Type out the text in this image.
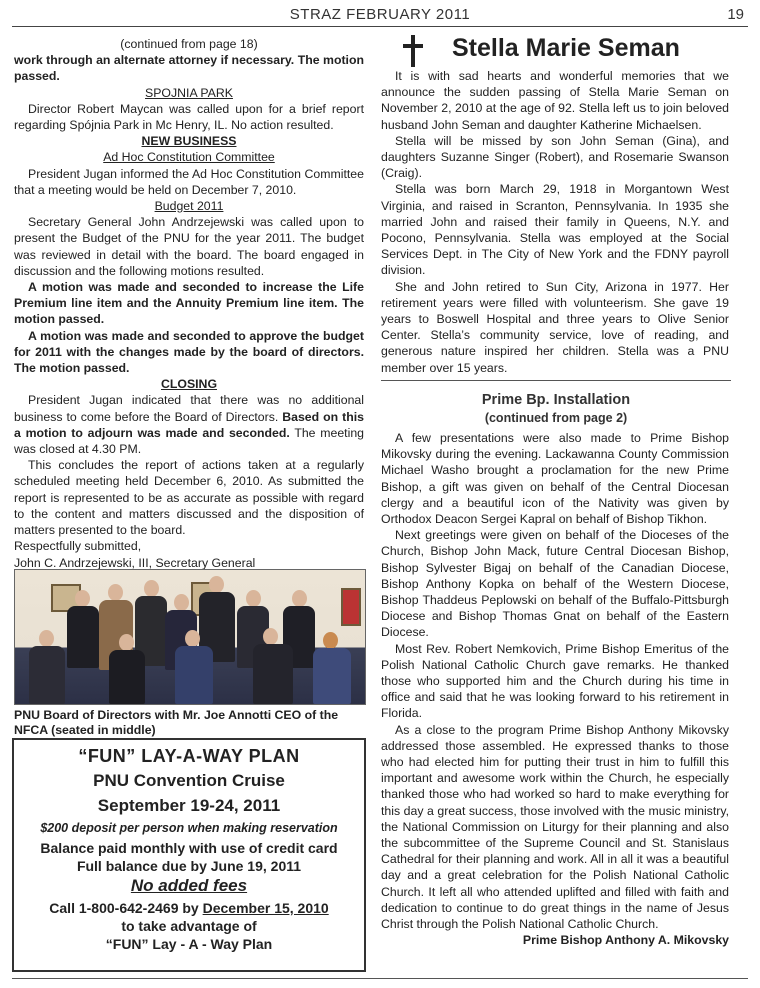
STRAZ FEBRUARY 2011	19

(continued from page 18)

work through an alternate attorney if necessary. The motion passed.

SPOJNIA PARK

Director Robert Maycan was called upon for a brief report regarding Spójnia Park in Mc Henry, IL. No action resulted.

NEW BUSINESS

Ad Hoc Constitution Committee

President Jugan informed the Ad Hoc Constitution Committee that a meeting would be held on December 7, 2010.

Budget 2011

Secretary General John Andrzejewski was called upon to present the Budget of the PNU for the year 2011. The budget was reviewed in detail with the board. The board engaged in discussion and the following motions resulted.

A motion was made and seconded to increase the Life Premium line item and the Annuity Premium line item. The motion passed.

A motion was made and seconded to approve the budget for 2011 with the changes made by the board of directors. The motion passed.

CLOSING

President Jugan indicated that there was no additional business to come before the Board of Directors. Based on this a motion to adjourn was made and seconded. The meeting was closed at 4.30 PM.

This concludes the report of actions taken at a regularly scheduled meeting held December 6, 2010. As submitted the report is represented to be as accurate as possible with regard to the content and matters discussed and the disposition of matters presented to the board.

Respectfully submitted,

John C. Andrzejewski, III, Secretary General

PNU Board of Directors with Mr. Joe Annotti CEO of the NFCA (seated in middle)
“FUN” LAY-A-WAY PLAN
PNU Convention Cruise
September 19-24, 2011
$200 deposit per person when making reservation
Balance paid monthly with use of credit card
Full balance due by June 19, 2011
No added fees
Call 1-800-642-2469 by December 15, 2010
to take advantage of
“FUN” Lay - A - Way Plan
Stella Marie Seman

It is with sad hearts and wonderful memories that we announce the sudden passing of Stella Marie Seman on November 2, 2010 at the age of 92. Stella left us to join beloved husband John Seman and daughter Katherine Michaelsen.

Stella will be missed by son John Seman (Gina), and daughters Suzanne Singer (Robert), and Rosemarie Swanson (Craig).

Stella was born March 29, 1918 in Morgantown West Virginia, and raised in Scranton, Pennsylvania. In 1935 she married John and raised their family in Queens, N.Y. and Pocono, Pennsylvania. Stella was employed at the Social Services Dept. in The City of New York and the FDNY payroll division.

She and John retired to Sun City, Arizona in 1977. Her retirement years were filled with volunteerism. She gave 19 years to Boswell Hospital and three years to Olive Senior Center. Stella’s community service, love of reading, and generous nature inspired her children. Stella was a PNU member over 15 years.

Prime Bp. Installation
(continued from page 2)

A few presentations were also made to Prime Bishop Mikovsky during the evening. Lackawanna County Commission Michael Washo brought a proclamation for the new Prime Bishop, a gift was given on behalf of the Central Diocesan clergy and a beautiful icon of the Nativity was given by Orthodox Deacon Sergei Kapral on behalf of Bishop Tikhon.

Next greetings were given on behalf of the Dioceses of the Church, Bishop John Mack, future Central Diocesan Bishop, Bishop Sylvester Bigaj on behalf of the Canadian Diocese, Bishop Anthony Kopka on behalf of the Western Diocese, Bishop Thaddeus Peplowski on behalf of the Buffalo-Pittsburgh Diocese and Bishop Thomas Gnat on behalf of the Eastern Diocese.

Most Rev. Robert Nemkovich, Prime Bishop Emeritus of the Polish National Catholic Church gave remarks. He thanked those who supported him and the Church during his time in office and said that he was looking forward to his retirement in Florida.

As a close to the program Prime Bishop Anthony Mikovsky addressed those assembled. He expressed thanks to those who had elected him for putting their trust in him to fulfill this important and awesome work within the Church, he especially thanked those who had worked so hard to make everything for this day a great success, those involved with the music ministry, the National Commission on Liturgy for their planning and also the subcommittee of the Supreme Council and St. Stanislaus Cathedral for their planning and work. All in all it was a beautiful day and a great celebration for the Polish National Catholic Church. It left all who attended uplifted and filled with faith and dedication to continue to do great things in the name of Jesus Christ through the Polish National Catholic Church.

Prime Bishop Anthony A. Mikovsky
